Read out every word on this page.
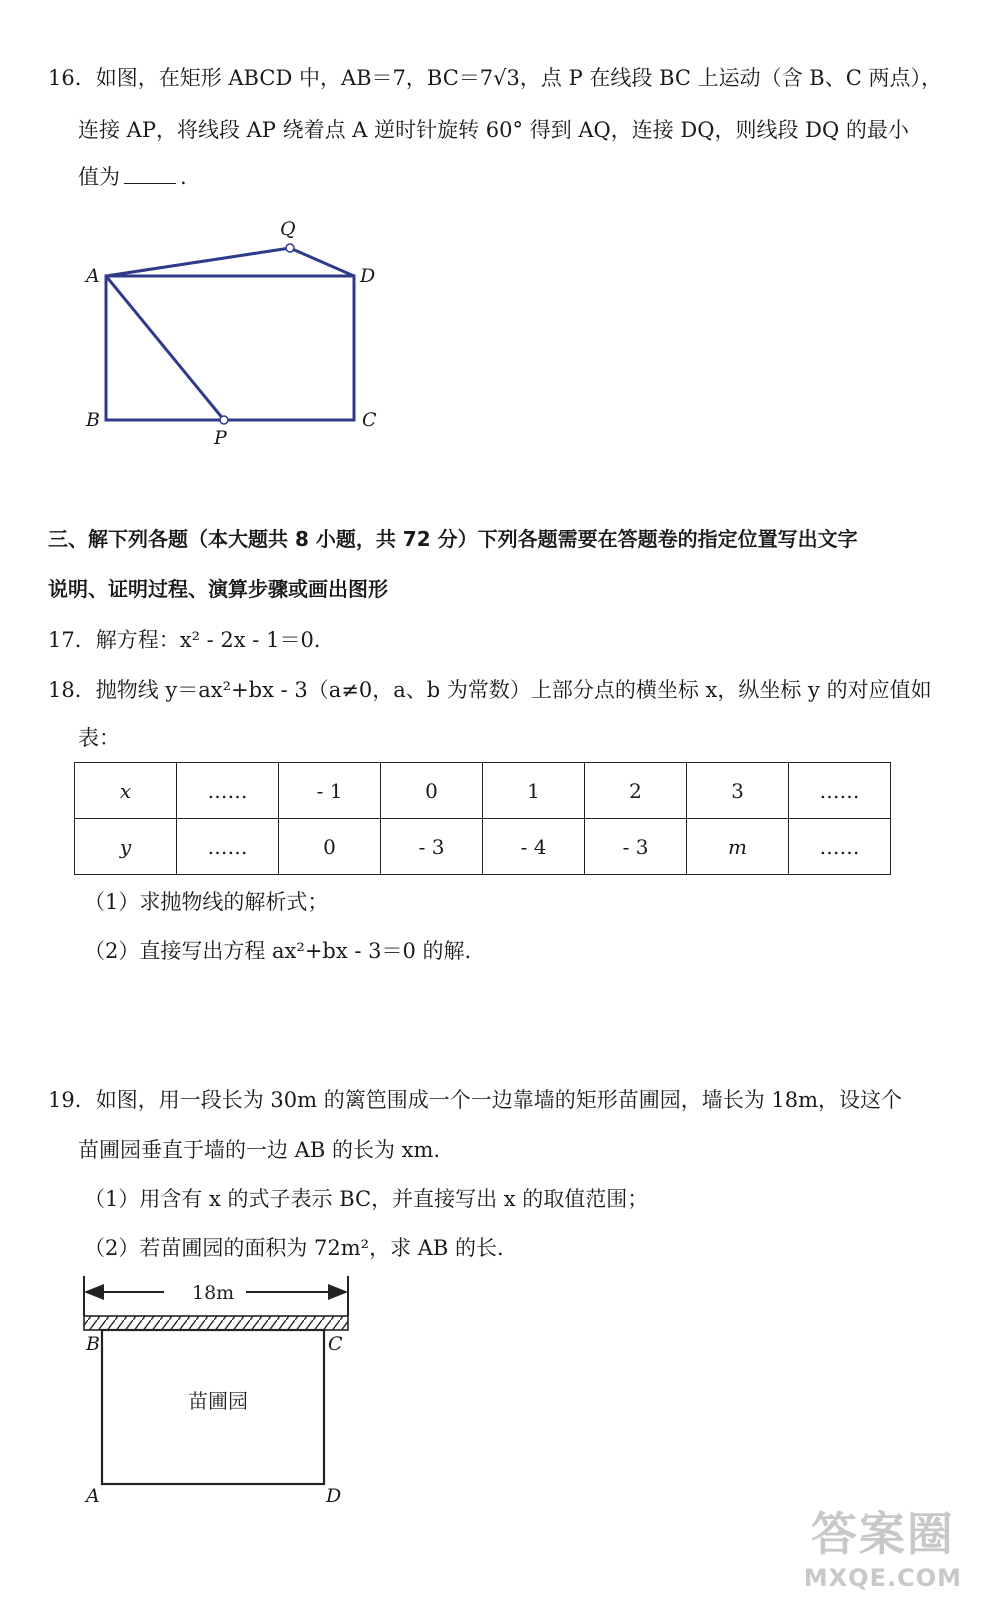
16．如图，在矩形 ABCD 中，AB＝7，BC＝7√3，点 P 在线段 BC 上运动（含 B、C 两点），
连接 AP，将线段 AP 绕着点 A 逆时针旋转 60° 得到 AQ，连接 DQ，则线段 DQ 的最小
值为	.
A
B	C
D
P
Q
三、解下列各题（本大题共 8 小题，共 72 分）下列各题需要在答题卷的指定位置写出文字
说明、证明过程、演算步骤或画出图形
17．解方程：x² - 2x - 1＝0.
18．抛物线 y＝ax²+bx - 3（a≠0，a、b 为常数）上部分点的横坐标 x，纵坐标 y 的对应值如
表：
x	……	- 1	0	1	2	3	……
y	……	0	- 3	- 4	- 3	m	……
（1）求抛物线的解析式；
（2）直接写出方程 ax²+bx - 3＝0 的解.
19．如图，用一段长为 30m 的篱笆围成一个一边靠墙的矩形苗圃园，墙长为 18m，设这个
苗圃园垂直于墙的一边 AB 的长为 xm.
（1）用含有 x 的式子表示 BC，并直接写出 x 的取值范围；
（2）若苗圃园的面积为 72m²，求 AB 的长.
18m
苗圃园
B	C
A	D
答案圈
MXQE.COM
